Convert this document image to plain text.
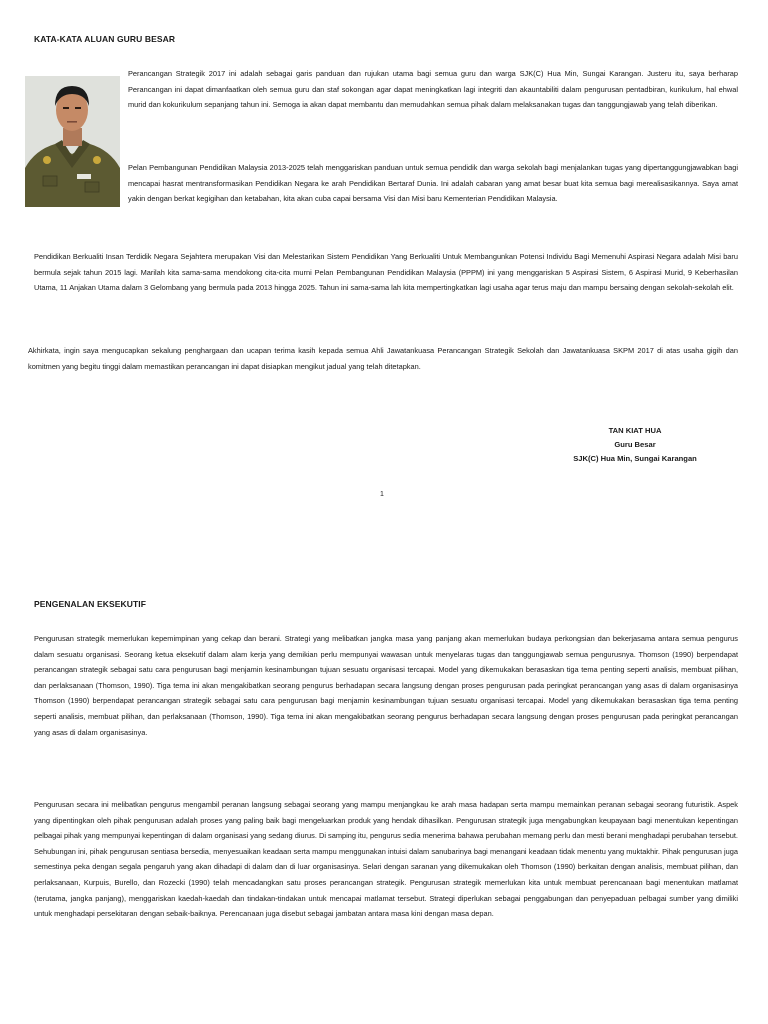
KATA-KATA ALUAN GURU BESAR

Perancangan Strategik 2017 ini adalah sebagai garis panduan dan rujukan utama bagi semua guru dan warga SJK(C) Hua Min, Sungai Karangan. Justeru itu, saya berharap Perancangan ini dapat dimanfaatkan oleh semua guru dan staf sokongan agar dapat meningkatkan lagi integriti dan akauntabiliti dalam pengurusan pentadbiran, kurikulum, hal ehwal murid dan kokurikulum sepanjang tahun ini. Semoga ia akan dapat membantu dan memudahkan semua pihak dalam melaksanakan tugas dan tanggungjawab yang telah diberikan.

Pelan Pembangunan Pendidikan Malaysia 2013-2025 telah menggariskan panduan untuk semua pendidik dan warga sekolah bagi menjalankan tugas yang dipertanggungjawabkan bagi mencapai hasrat mentransformasikan Pendidikan Negara ke arah Pendidikan Bertaraf Dunia. Ini adalah cabaran yang amat besar buat kita semua bagi merealisasikannya. Saya amat yakin dengan berkat kegigihan dan ketabahan, kita akan cuba capai bersama Visi dan Misi baru Kementerian Pendidikan Malaysia.

Pendidikan Berkualiti Insan Terdidik Negara Sejahtera merupakan Visi dan Melestarikan Sistem Pendidikan Yang Berkualiti Untuk Membangunkan Potensi Individu Bagi Memenuhi Aspirasi Negara adalah Misi baru bermula sejak tahun 2015 lagi. Marilah kita sama-sama mendokong cita-cita murni Pelan Pembangunan Pendidikan Malaysia (PPPM) ini yang menggariskan 5 Aspirasi Sistem, 6 Aspirasi Murid, 9 Keberhasilan Utama, 11 Anjakan Utama dalam 3 Gelombang yang bermula pada 2013 hingga 2025. Tahun ini sama-sama lah kita mempertingkatkan lagi usaha agar terus maju dan mampu bersaing dengan sekolah-sekolah elit.

Akhirkata, ingin saya mengucapkan sekalung penghargaan dan ucapan terima kasih kepada semua Ahli Jawatankuasa Perancangan Strategik Sekolah dan Jawatankuasa SKPM 2017 di atas usaha gigih dan komitmen yang begitu tinggi dalam memastikan perancangan ini dapat disiapkan mengikut jadual yang telah ditetapkan.

TAN KIAT HUA
Guru Besar
SJK(C) Hua Min, Sungai Karangan
1
PENGENALAN EKSEKUTIF

Pengurusan strategik memerlukan kepemimpinan yang cekap dan berani. Strategi yang melibatkan jangka masa yang panjang akan memerlukan budaya perkongsian dan bekerjasama antara semua pengurus dalam sesuatu organisasi. Seorang ketua eksekutif dalam alam kerja yang demikian perlu mempunyai wawasan untuk menyelaras tugas dan tanggungjawab semua pengurusnya. Thomson (1990) berpendapat perancangan strategik sebagai satu cara pengurusan bagi menjamin kesinambungan tujuan sesuatu organisasi tercapai. Model yang dikemukakan berasaskan tiga tema penting seperti analisis, membuat pilihan, dan perlaksanaan (Thomson, 1990). Tiga tema ini akan mengakibatkan seorang pengurus berhadapan secara langsung dengan proses pengurusan pada peringkat perancangan yang asas di dalam organisasinya Thomson (1990) berpendapat perancangan strategik sebagai satu cara pengurusan bagi menjamin kesinambungan tujuan sesuatu organisasi tercapai. Model yang dikemukakan berasaskan tiga tema penting seperti analisis, membuat pilihan, dan perlaksanaan (Thomson, 1990). Tiga tema ini akan mengakibatkan seorang pengurus berhadapan secara langsung dengan proses pengurusan pada peringkat perancangan yang asas di dalam organisasinya.

Pengurusan secara ini melibatkan pengurus mengambil peranan langsung sebagai seorang yang mampu menjangkau ke arah masa hadapan serta mampu memainkan peranan sebagai seorang futuristik. Aspek yang dipentingkan oleh pihak pengurusan adalah proses yang paling baik bagi mengeluarkan produk yang hendak dihasilkan. Pengurusan strategik juga mengabungkan keupayaan bagi menentukan kepentingan pelbagai pihak yang mempunyai kepentingan di dalam organisasi yang sedang diurus. Di samping itu, pengurus sedia menerima bahawa perubahan memang perlu dan mesti berani menghadapi perubahan tersebut. Sehubungan ini, pihak pengurusan sentiasa bersedia, menyesuaikan keadaan serta mampu menggunakan intuisi dalam sanubarinya bagi menangani keadaan tidak menentu yang muktakhir. Pihak pengurusan juga semestinya peka dengan segala pengaruh yang akan dihadapi di dalam dan di luar organisasinya. Selari dengan saranan yang dikemukakan oleh Thomson (1990) berkaitan dengan analisis, membuat pilihan, dan perlaksanaan, Kurpuis, Burello, dan Rozecki (1990) telah mencadangkan satu proses perancangan strategik. Pengurusan strategik memerlukan kita untuk membuat perencanaan bagi menentukan matlamat (terutama, jangka panjang), menggariskan kaedah-kaedah dan tindakan-tindakan untuk mencapai matlamat tersebut. Strategi diperlukan sebagai penggabungan dan penyepaduan pelbagai sumber yang dimiliki untuk menghadapi persekitaran dengan sebaik-baiknya. Perencanaan juga disebut sebagai jambatan antara masa kini dengan masa depan.
